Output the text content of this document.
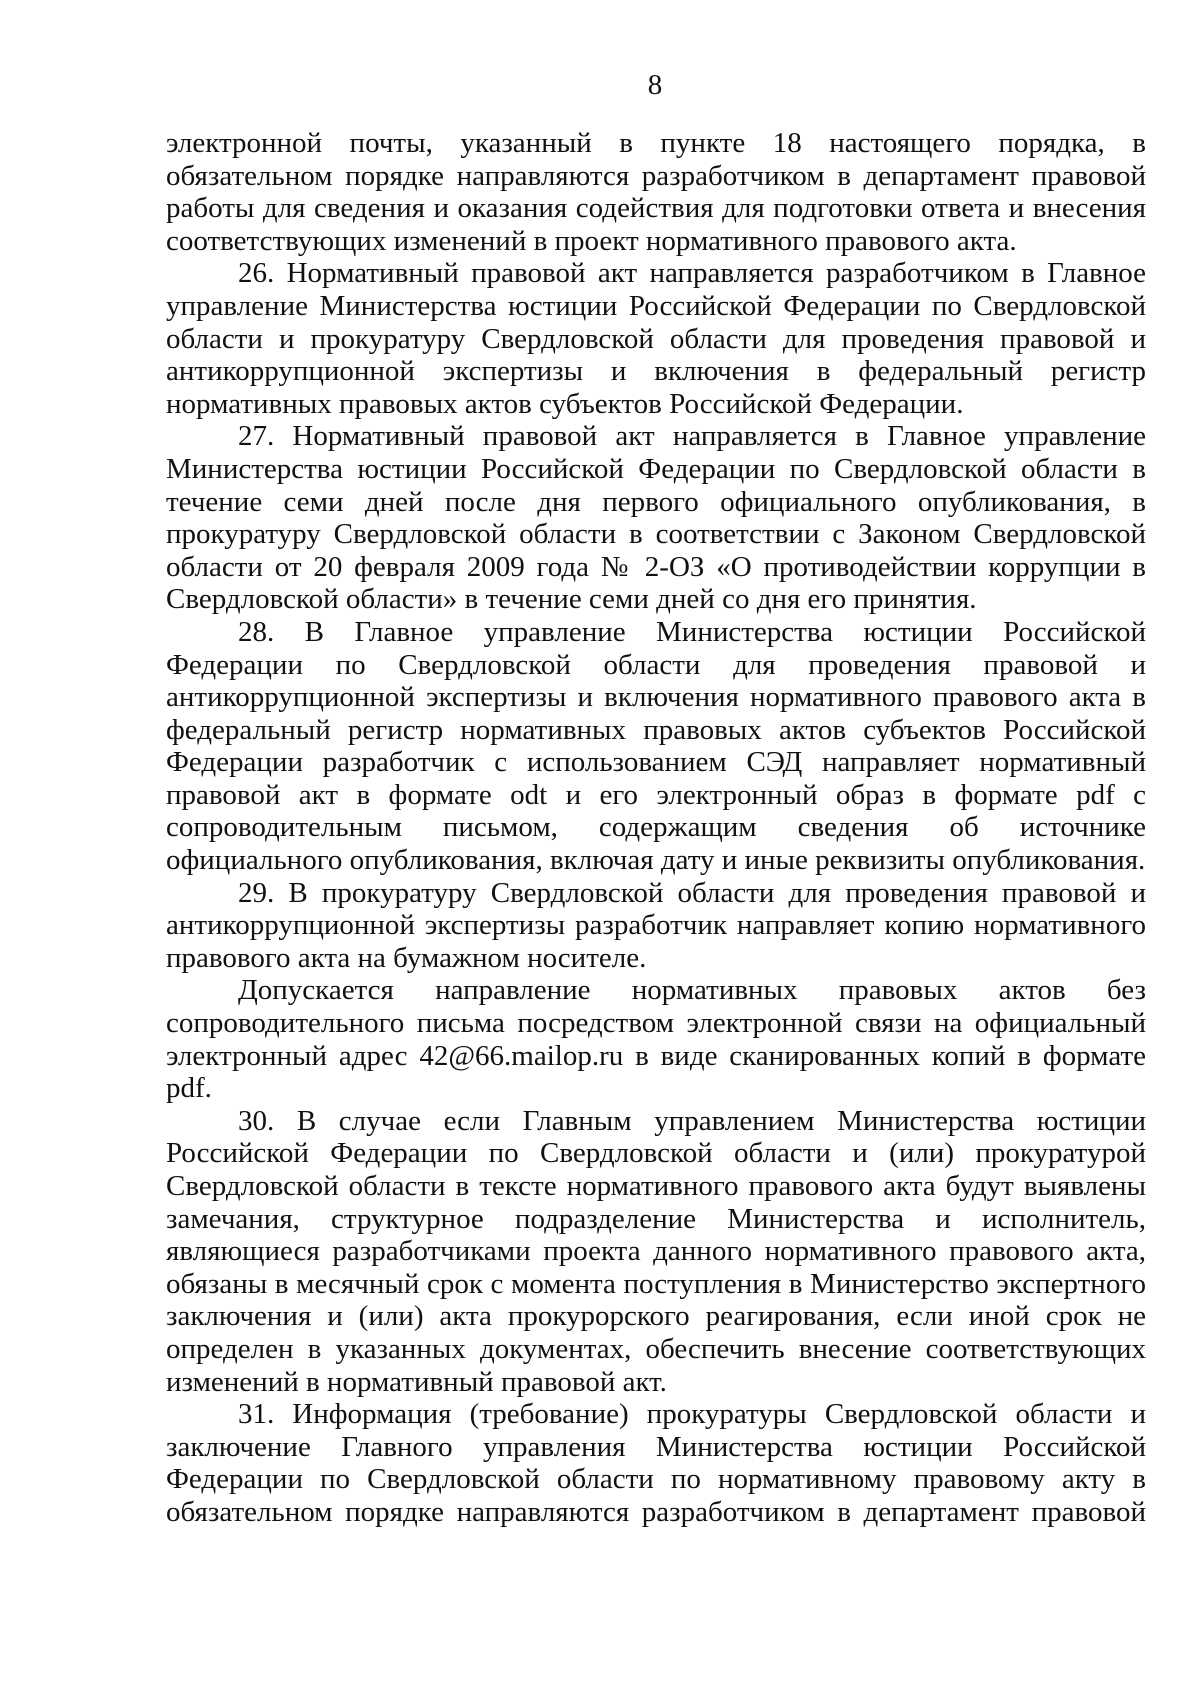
8

электронной почты, указанный в пункте 18 настоящего порядка, в обязательном порядке направляются разработчиком в департамент правовой работы для сведения и оказания содействия для подготовки ответа и внесения соответствующих изменений в проект нормативного правового акта.

26. Нормативный правовой акт направляется разработчиком в Главное управление Министерства юстиции Российской Федерации по Свердловской области и прокуратуру Свердловской области для проведения правовой и антикоррупционной экспертизы и включения в федеральный регистр нормативных правовых актов субъектов Российской Федерации.

27. Нормативный правовой акт направляется в Главное управление Министерства юстиции Российской Федерации по Свердловской области в течение семи дней после дня первого официального опубликования, в прокуратуру Свердловской области в соответствии с Законом Свердловской области от 20 февраля 2009 года № 2-ОЗ «О противодействии коррупции в Свердловской области» в течение семи дней со дня его принятия.

28. В Главное управление Министерства юстиции Российской Федерации по Свердловской области для проведения правовой и антикоррупционной экспертизы и включения нормативного правового акта в федеральный регистр нормативных правовых актов субъектов Российской Федерации разработчик с использованием СЭД направляет нормативный правовой акт в формате odt и его электронный образ в формате pdf с сопроводительным письмом, содержащим сведения об источнике официального опубликования, включая дату и иные реквизиты опубликования.

29. В прокуратуру Свердловской области для проведения правовой и антикоррупционной экспертизы разработчик направляет копию нормативного правового акта на бумажном носителе.

Допускается направление нормативных правовых актов без сопроводительного письма посредством электронной связи на официальный электронный адрес 42@66.mailop.ru в виде сканированных копий в формате pdf.

30. В случае если Главным управлением Министерства юстиции Российской Федерации по Свердловской области и (или) прокуратурой Свердловской области в тексте нормативного правового акта будут выявлены замечания, структурное подразделение Министерства и исполнитель, являющиеся разработчиками проекта данного нормативного правового акта, обязаны в месячный срок с момента поступления в Министерство экспертного заключения и (или) акта прокурорского реагирования, если иной срок не определен в указанных документах, обеспечить внесение соответствующих изменений в нормативный правовой акт.

31. Информация (требование) прокуратуры Свердловской области и заключение Главного управления Министерства юстиции Российской Федерации по Свердловской области по нормативному правовому акту в обязательном порядке направляются разработчиком в департамент правовой
